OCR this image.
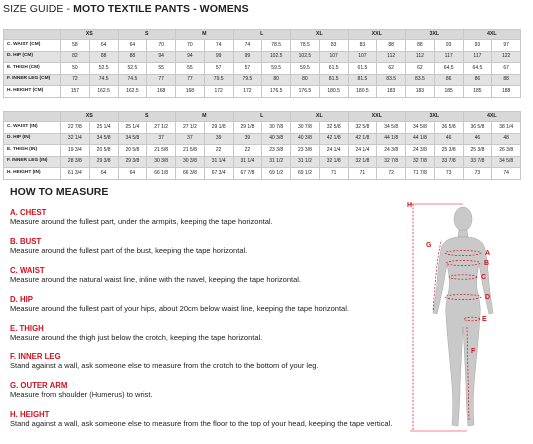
SIZE GUIDE - MOTO TEXTILE PANTS - WOMENS
	XS		S		M		L		XL		XXL		3XL		4XL	
C. WAIST (CM)	58	64	64	70	70	74	74	78.5	78.5	83	83	88	88	93	93	97
D. HIP (CM)	82	88	88	94	94	99	99	102.5	102.5	107	107	112	112	117	117	122
E. THIGH (CM)	50	52.5	52.5	55	55	57	57	59.5	59.5	61.5	61.5	62	62	64.5	64.5	67
F. INNER LEG (CM)	72	74.5	74.5	77	77	79.5	79.5	80	80	81.5	81.5	83.5	83.5	86	86	88
H. HEIGHT (CM)	157	162.5	162.5	168	168	172	172	176.5	176.5	180.5	180.5	183	183	185	185	188
	XS		S		M		L		XL		XXL		3XL		4XL	
C. WAIST (IN)	22 7/8	25 1/4	25 1/4	27 1/2	27 1/2	29 1/8	29 1/8	30 7/8	30 7/8	32 5/8	32 5/8	34 5/8	34 5/8	36 5/8	36 5/8	38 1/4
D. HIP (IN)	32 1/4	34 5/8	34 5/8	37	37	39	39	40 3/8	40 3/8	42 1/8	42 1/8	44 1/8	44 1/8	46	46	48
E. THIGH (IN)	19 3/4	20 5/8	20 5/8	21 5/8	21 5/8	22	22	23 3/8	23 3/8	24 1/4	24 1/4	24 3/8	24 3/8	25 3/8	25 3/8	26 3/8
F. INNER LEG (IN)	28 3/8	29 3/8	29 3/8	30 3/8	30 3/8	31 1/4	31 1/4	31 1/2	31 1/2	32 1/8	32 1/8	32 7/8	32 7/8	33 7/8	33 7/8	34 5/8
H. HEIGHT (IN)	61 3/4	64	64	66 1/8	66 3/8	67 3/4	67 7/8	69 1/2	69 1/2	71	71	72	71 7/8	73	73	74
HOW TO MEASURE
A. CHEST
Measure around the fullest part, under the armpits, keeping the tape horizontal.
B. BUST
Measure around the fullest part of the bust, keeping the tape horizontal.
C. WAIST
Measure around the natural waist line, inline with the navel, keeping the tape horizontal.
D. HIP
Measure around the fullest part of your hips, about 20cm below waist line, keeping the tape horizontal.
E. THIGH
Measure around the thigh just below the crotch, keeping the tape horizontal.
F. INNER LEG
Stand against a wall, ask someone else to measure from the crotch to the bottom of your leg.
G. OUTER ARM
Measure from shoulder (Humerus) to wrist.
H. HEIGHT
Stand against a wall, ask someone else to measure from the floor to the top of your head, keeping the tape vertical.
H
G
A
B
C
D
E
F
